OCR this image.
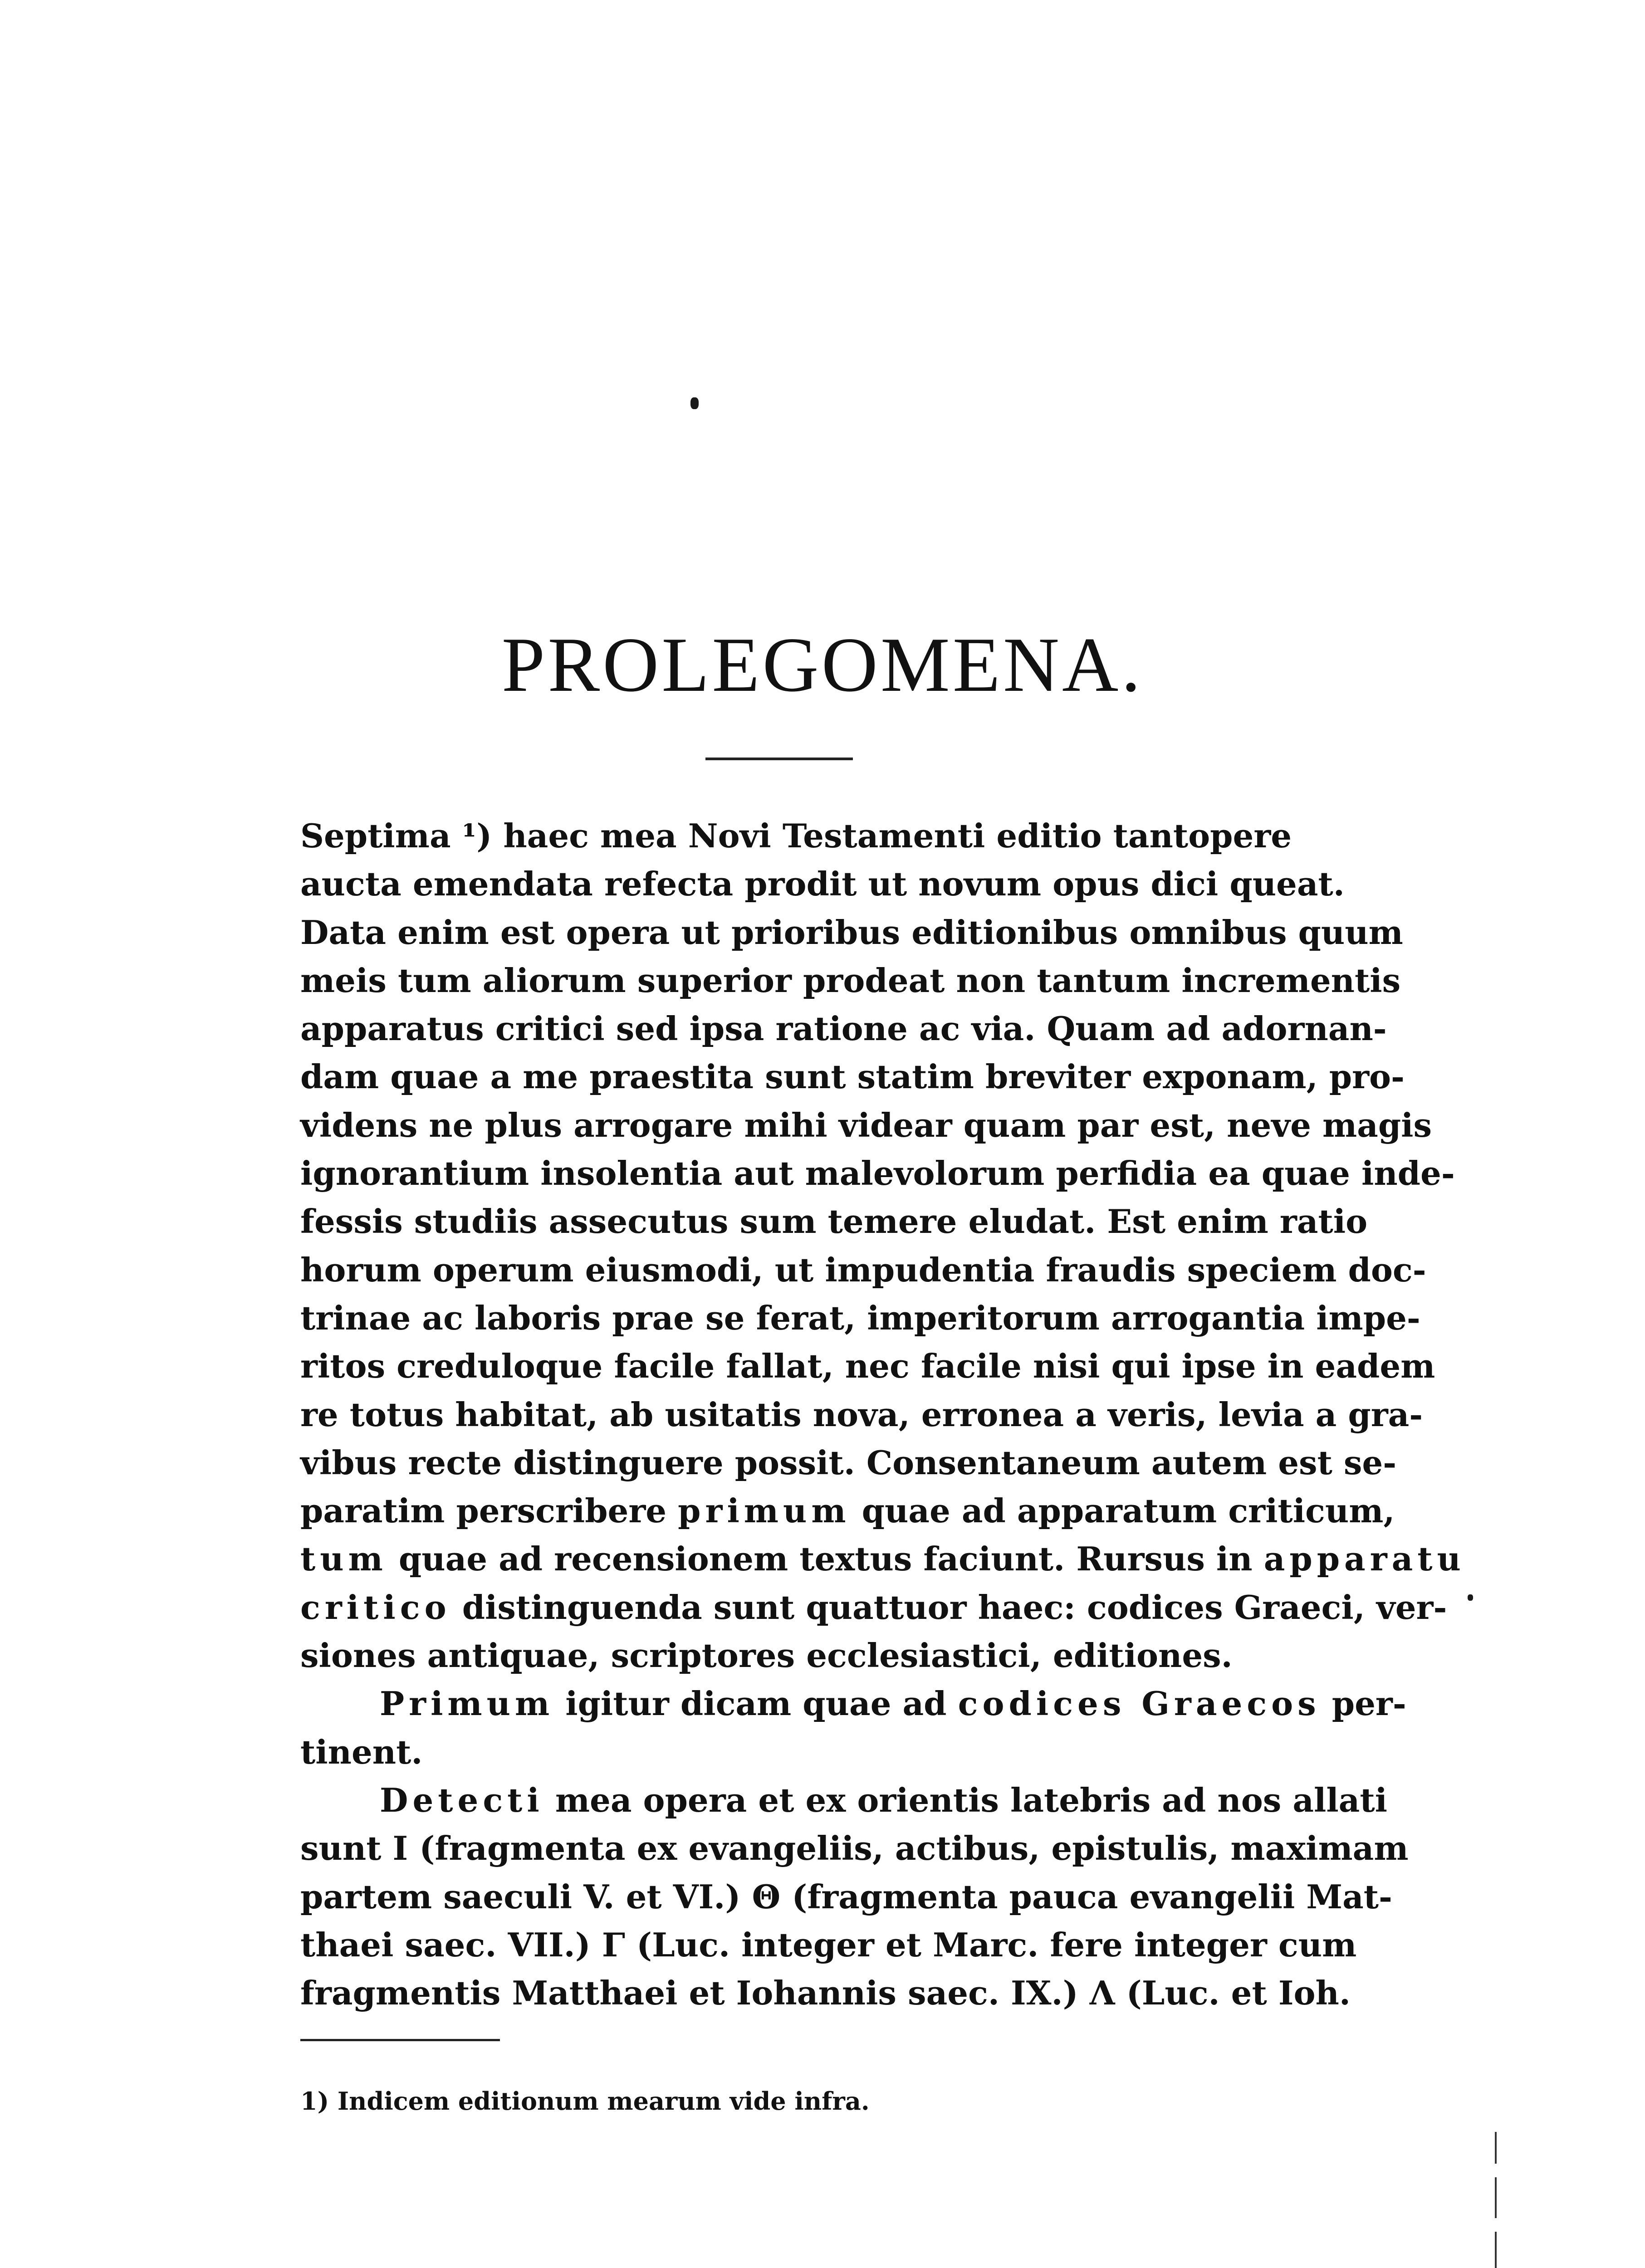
PROLEGOMENA.
Septima ¹) haec mea Novi Testamenti editio tantopere
aucta emendata refecta prodit ut novum opus dici queat.
Data enim est opera ut prioribus editionibus omnibus quum
meis tum aliorum superior prodeat non tantum incrementis
apparatus critici sed ipsa ratione ac via. Quam ad adornan-
dam quae a me praestita sunt statim breviter exponam, pro-
videns ne plus arrogare mihi videar quam par est, neve magis
ignorantium insolentia aut malevolorum perfidia ea quae inde-
fessis studiis assecutus sum temere eludat. Est enim ratio
horum operum eiusmodi, ut impudentia fraudis speciem doc-
trinae ac laboris prae se ferat, imperitorum arrogantia impe-
ritos creduloque facile fallat, nec facile nisi qui ipse in eadem
re totus habitat, ab usitatis nova, erronea a veris, levia a gra-
vibus recte distinguere possit. Consentaneum autem est se-
paratim perscribere primum quae ad apparatum criticum,
tum quae ad recensionem textus faciunt. Rursus in apparatu
critico distinguenda sunt quattuor haec: codices Graeci, ver-
siones antiquae, scriptores ecclesiastici, editiones.
Primum igitur dicam quae ad codices Graecos per-
tinent.
Detecti mea opera et ex orientis latebris ad nos allati
sunt I (fragmenta ex evangeliis, actibus, epistulis, maximam
partem saeculi V. et VI.) Θ (fragmenta pauca evangelii Mat-
thaei saec. VII.) Γ (Luc. integer et Marc. fere integer cum
fragmentis Matthaei et Iohannis saec. IX.) Λ (Luc. et Ioh.
1) Indicem editionum mearum vide infra.
